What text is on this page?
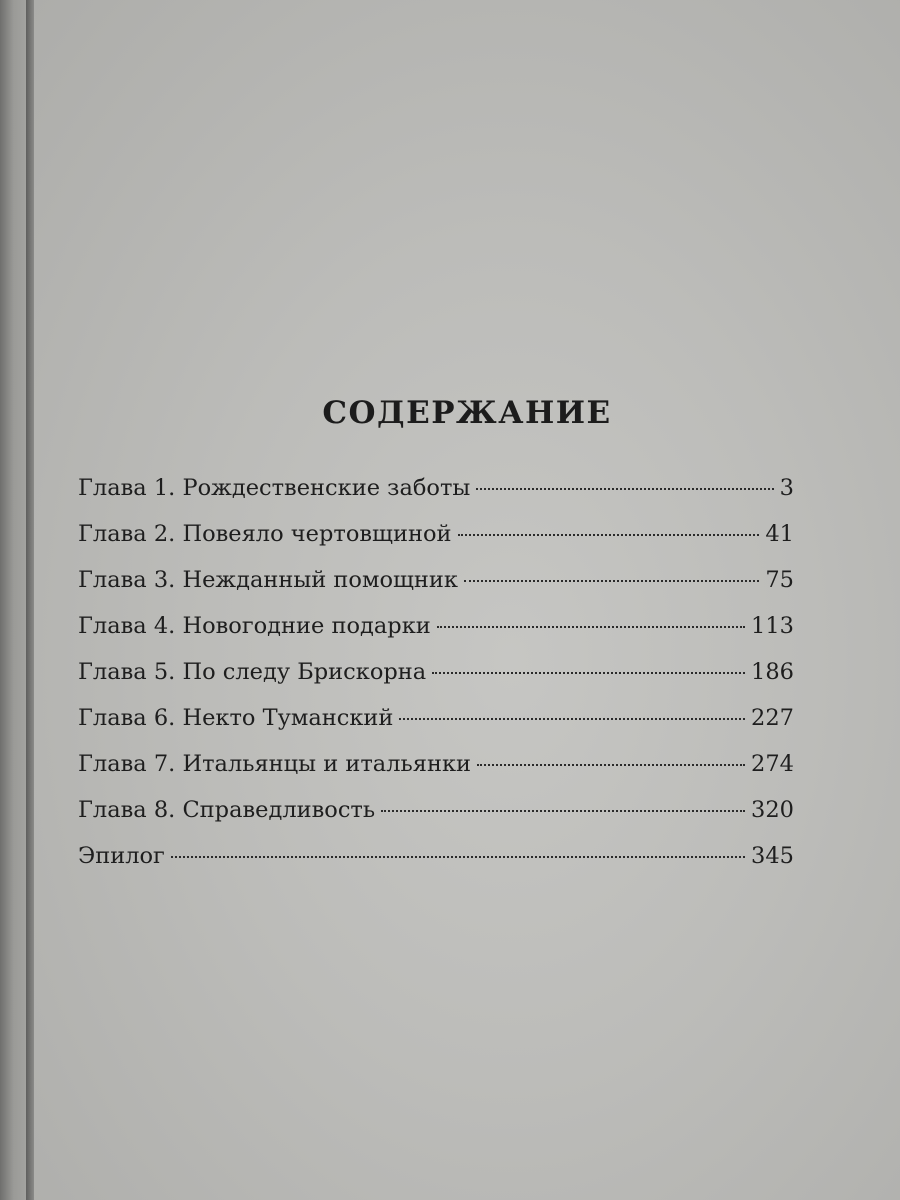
СОДЕРЖАНИЕ
Глава 1. Рождественские заботы	3
Глава 2. Повеяло чертовщиной	41
Глава 3. Нежданный помощник	75
Глава 4. Новогодние подарки	113
Глава 5. По следу Брискорна	186
Глава 6. Некто Туманский	227
Глава 7. Итальянцы и итальянки	274
Глава 8. Справедливость	320
Эпилог	345
